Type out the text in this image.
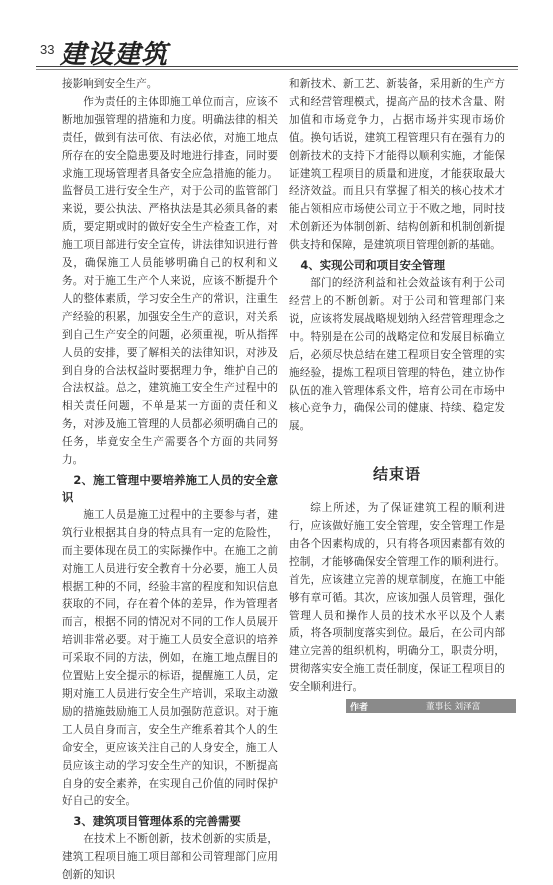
33 建设建筑

接影响到安全生产。

作为责任的主体即施工单位而言，应该不断地加强管理的措施和力度。明确法律的相关责任，做到有法可依、有法必依，对施工地点所存在的安全隐患要及时地进行排查，同时要求施工现场管理者具备安全应急措施的能力。监督员工进行安全生产，对于公司的监管部门来说，要公执法、严格执法是其必须具备的素质，要定期或时的做好安全生产检查工作，对施工项目部进行安全宣传，讲法律知识进行普及，确保施工人员能够明确自己的权利和义务。对于施工生产个人来说，应该不断提升个人的整体素质，学习安全生产的常识，注重生产经验的积累，加强安全生产的意识，对关系到自己生产安全的问题，必须重视，听从指挥人员的安排，要了解相关的法律知识，对涉及到自身的合法权益时要据理力争，维护自己的合法权益。总之，建筑施工安全生产过程中的相关责任问题，不单是某一方面的责任和义务，对涉及施工管理的人员都必须明确自己的任务，毕竟安全生产需要各个方面的共同努力。

2、施工管理中要培养施工人员的安全意识

施工人员是施工过程中的主要参与者，建筑行业根据其自身的特点具有一定的危险性，而主要体现在员工的实际操作中。在施工之前对施工人员进行安全教育十分必要，施工人员根据工种的不同，经验丰富的程度和知识信息获取的不同，存在着个体的差异，作为管理者而言，根据不同的情况对不同的工作人员展开培训非常必要。对于施工人员安全意识的培养可采取不同的方法，例如，在施工地点醒目的位置贴上安全提示的标语，提醒施工人员，定期对施工人员进行安全生产培训，采取主动激励的措施鼓励施工人员加强防范意识。对于施工人员自身而言，安全生产维系着其个人的生命安全，更应该关注自己的人身安全，施工人员应该主动的学习安全生产的知识，不断提高自身的安全素养，在实现自己价值的同时保护好自己的安全。

3、建筑项目管理体系的完善需要

在技术上不断创新，技术创新的实质是，建筑工程项目施工项目部和公司管理部门应用创新的知识

和新技术、新工艺、新装备，采用新的生产方式和经营管理模式，提高产品的技术含量、附加值和市场竞争力，占据市场并实现市场价值。换句话说，建筑工程管理只有在强有力的创新技术的支持下才能得以顺利实施，才能保证建筑工程项目的质量和进度，才能获取最大经济效益。而且只有掌握了相关的核心技术才能占领相应市场使公司立于不败之地，同时技术创新还为体制创新、结构创新和机制创新提供支持和保障，是建筑项目管理创新的基础。

4、实现公司和项目安全管理

部门的经济利益和社会效益该有利于公司经营上的不断创新。对于公司和管理部门来说，应该将发展战略规划纳入经营管理理念之中。特别是在公司的战略定位和发展目标确立后，必须尽快总结在建工程项目安全管理的实施经验，提炼工程项目管理的特色，建立协作队伍的准入管理体系文件，培育公司在市场中核心竞争力，确保公司的健康、持续、稳定发展。

结束语

综上所述，为了保证建筑工程的顺利进行，应该做好施工安全管理，安全管理工作是由各个因素构成的，只有将各项因素都有效的控制，才能够确保安全管理工作的顺利进行。首先，应该建立完善的规章制度，在施工中能够有章可循。其次，应该加强人员管理，强化管理人员和操作人员的技术水平以及个人素质，将各项制度落实到位。最后，在公司内部建立完善的组织机构，明确分工，职责分明，贯彻落实安全施工责任制度，保证工程项目的安全顺利进行。

作者	董事长 刘泽富
